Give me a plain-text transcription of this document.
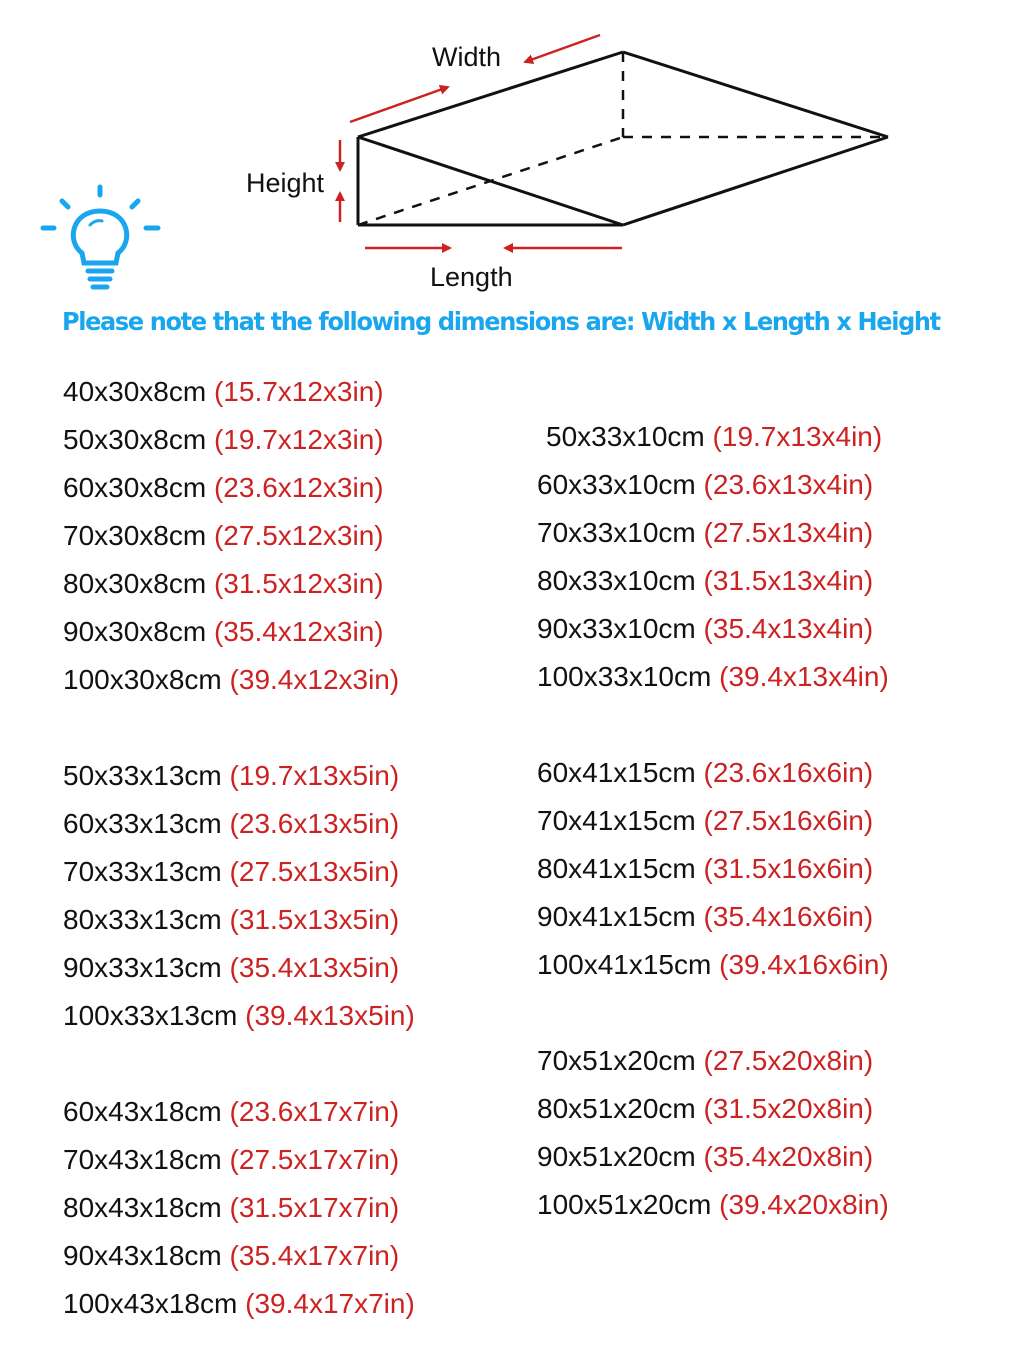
Width
Height
Length

Please note that the following dimensions are: Width x Length x Height

40x30x8cm (15.7x12x3in)
50x30x8cm (19.7x12x3in)
60x30x8cm (23.6x12x3in)
70x30x8cm (27.5x12x3in)
80x30x8cm (31.5x12x3in)
90x30x8cm (35.4x12x3in)
100x30x8cm (39.4x12x3in)
50x33x13cm (19.7x13x5in)
60x33x13cm (23.6x13x5in)
70x33x13cm (27.5x13x5in)
80x33x13cm (31.5x13x5in)
90x33x13cm (35.4x13x5in)
100x33x13cm (39.4x13x5in)
60x43x18cm (23.6x17x7in)
70x43x18cm (27.5x17x7in)
80x43x18cm (31.5x17x7in)
90x43x18cm (35.4x17x7in)
100x43x18cm (39.4x17x7in)
50x33x10cm (19.7x13x4in)
60x33x10cm (23.6x13x4in)
70x33x10cm (27.5x13x4in)
80x33x10cm (31.5x13x4in)
90x33x10cm (35.4x13x4in)
100x33x10cm (39.4x13x4in)
60x41x15cm (23.6x16x6in)
70x41x15cm (27.5x16x6in)
80x41x15cm (31.5x16x6in)
90x41x15cm (35.4x16x6in)
100x41x15cm (39.4x16x6in)
70x51x20cm (27.5x20x8in)
80x51x20cm (31.5x20x8in)
90x51x20cm (35.4x20x8in)
100x51x20cm (39.4x20x8in)
